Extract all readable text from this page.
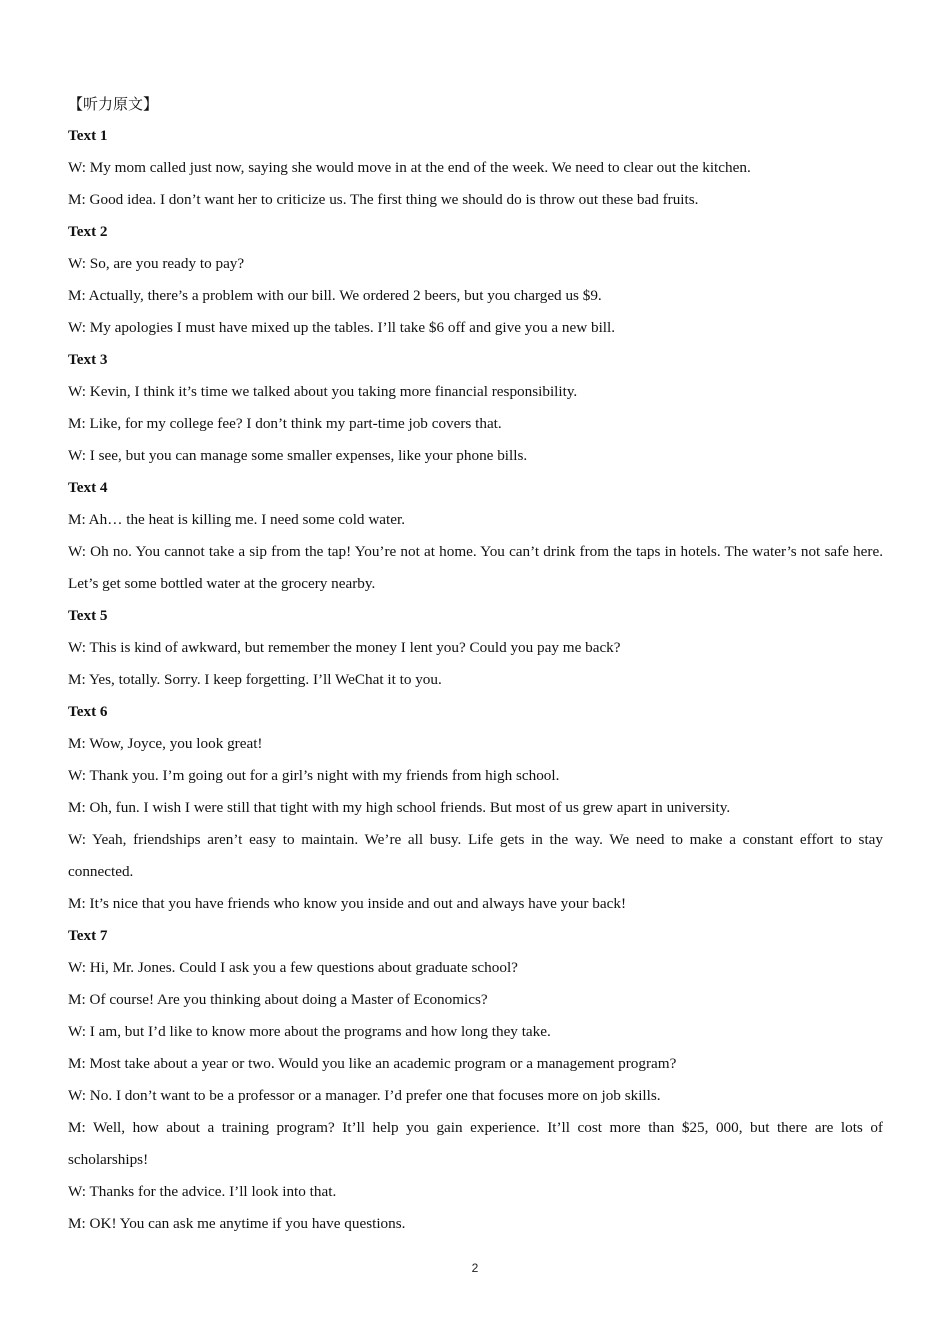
【听力原文】

Text 1

W: My mom called just now, saying she would move in at the end of the week. We need to clear out the kitchen.

M: Good idea. I don’t want her to criticize us. The first thing we should do is throw out these bad fruits.

Text 2

W: So, are you ready to pay?

M: Actually, there’s a problem with our bill. We ordered 2 beers, but you charged us $9.

W: My apologies I must have mixed up the tables. I’ll take $6 off and give you a new bill.

Text 3

W: Kevin, I think it’s time we talked about you taking more financial responsibility.

M: Like, for my college fee? I don’t think my part-time job covers that.

W: I see, but you can manage some smaller expenses, like your phone bills.

Text 4

M: Ah… the heat is killing me. I need some cold water.

W: Oh no. You cannot take a sip from the tap! You’re not at home. You can’t drink from the taps in hotels. The water’s not safe here. Let’s get some bottled water at the grocery nearby.

Text 5

W: This is kind of awkward, but remember the money I lent you? Could you pay me back?

M: Yes, totally. Sorry. I keep forgetting. I’ll WeChat it to you.

Text 6

M: Wow, Joyce, you look great!

W: Thank you. I’m going out for a girl’s night with my friends from high school.

M: Oh, fun. I wish I were still that tight with my high school friends. But most of us grew apart in university.

W: Yeah, friendships aren’t easy to maintain. We’re all busy. Life gets in the way. We need to make a constant effort to stay connected.

M: It’s nice that you have friends who know you inside and out and always have your back!

Text 7

W: Hi, Mr. Jones. Could I ask you a few questions about graduate school?

M: Of course! Are you thinking about doing a Master of Economics?

W: I am, but I’d like to know more about the programs and how long they take.

M: Most take about a year or two. Would you like an academic program or a management program?

W: No. I don’t want to be a professor or a manager. I’d prefer one that focuses more on job skills.

M: Well, how about a training program? It’ll help you gain experience. It’ll cost more than $25, 000, but there are lots of scholarships!

W: Thanks for the advice. I’ll look into that.

M: OK! You can ask me anytime if you have questions.

2
